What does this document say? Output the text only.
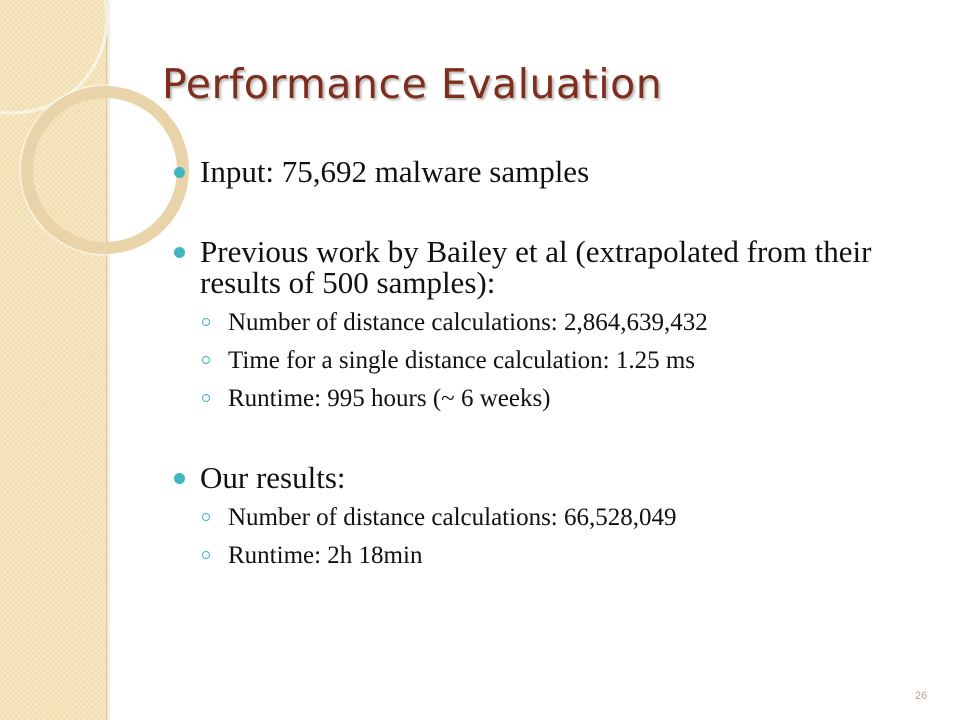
Performance Evaluation
Input: 75,692 malware samples
Previous work by Bailey et al (extrapolated from their results of 500 samples):
Number of distance calculations: 2,864,639,432
Time for a single distance calculation: 1.25 ms
Runtime: 995 hours (~ 6 weeks)
Our results:
Number of distance calculations: 66,528,049
Runtime: 2h 18min
26
